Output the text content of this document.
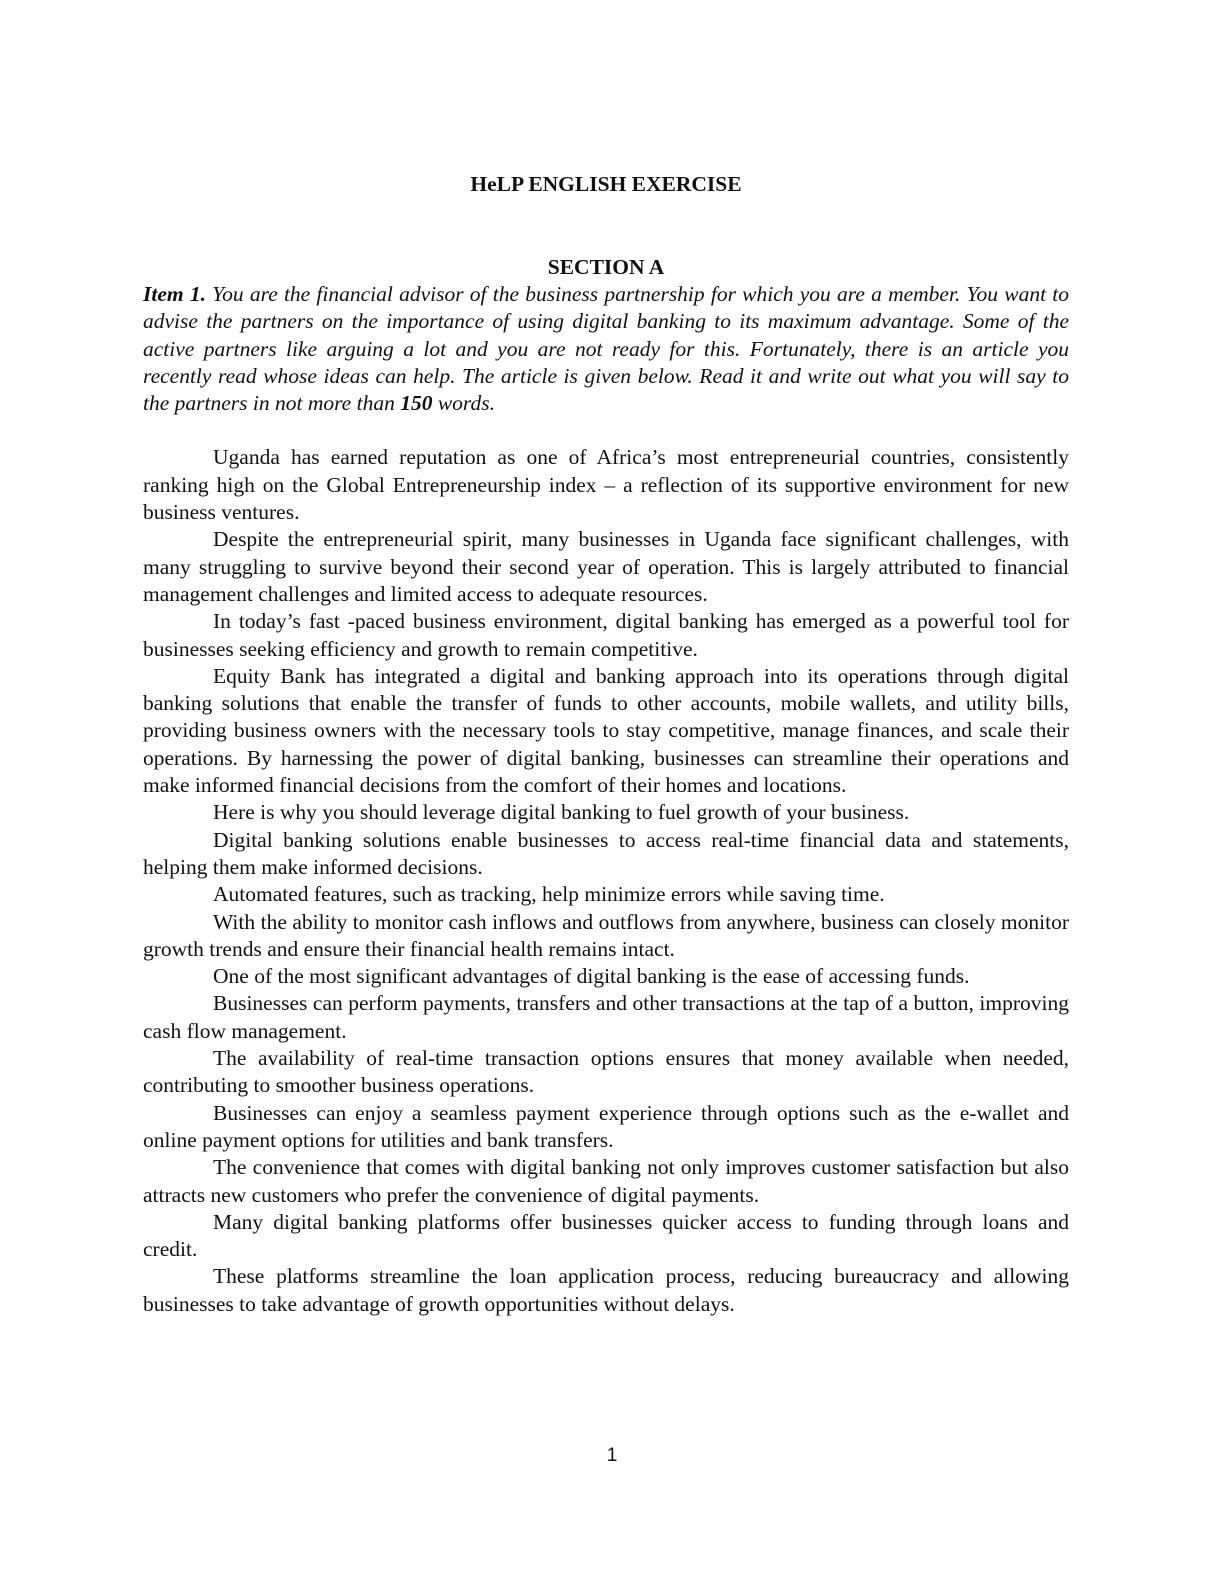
HeLP ENGLISH EXERCISE
SECTION A

Item 1. You are the financial advisor of the business partnership for which you are a member. You want to advise the partners on the importance of using digital banking to its maximum advantage. Some of the active partners like arguing a lot and you are not ready for this. Fortunately, there is an article you recently read whose ideas can help. The article is given below. Read it and write out what you will say to the partners in not more than 150 words.

Uganda has earned reputation as one of Africa’s most entrepreneurial countries, consistently ranking high on the Global Entrepreneurship index – a reflection of its supportive environment for new business ventures.

Despite the entrepreneurial spirit, many businesses in Uganda face significant challenges, with many struggling to survive beyond their second year of operation. This is largely attributed to financial management challenges and limited access to adequate resources.

In today’s fast -paced business environment, digital banking has emerged as a powerful tool for businesses seeking efficiency and growth to remain competitive.

Equity Bank has integrated a digital and banking approach into its operations through digital banking solutions that enable the transfer of funds to other accounts, mobile wallets, and utility bills, providing business owners with the necessary tools to stay competitive, manage finances, and scale their operations. By harnessing the power of digital banking, businesses can streamline their operations and make informed financial decisions from the comfort of their homes and locations.

Here is why you should leverage digital banking to fuel growth of your business.

Digital banking solutions enable businesses to access real-time financial data and statements, helping them make informed decisions.

Automated features, such as tracking, help minimize errors while saving time.

With the ability to monitor cash inflows and outflows from anywhere, business can closely monitor growth trends and ensure their financial health remains intact.

One of the most significant advantages of digital banking is the ease of accessing funds.

Businesses can perform payments, transfers and other transactions at the tap of a button, improving cash flow management.

The availability of real-time transaction options ensures that money available when needed, contributing to smoother business operations.

Businesses can enjoy a seamless payment experience through options such as the e-wallet and online payment options for utilities and bank transfers.

The convenience that comes with digital banking not only improves customer satisfaction but also attracts new customers who prefer the convenience of digital payments.

Many digital banking platforms offer businesses quicker access to funding through loans and credit.

These platforms streamline the loan application process, reducing bureaucracy and allowing businesses to take advantage of growth opportunities without delays.

1
